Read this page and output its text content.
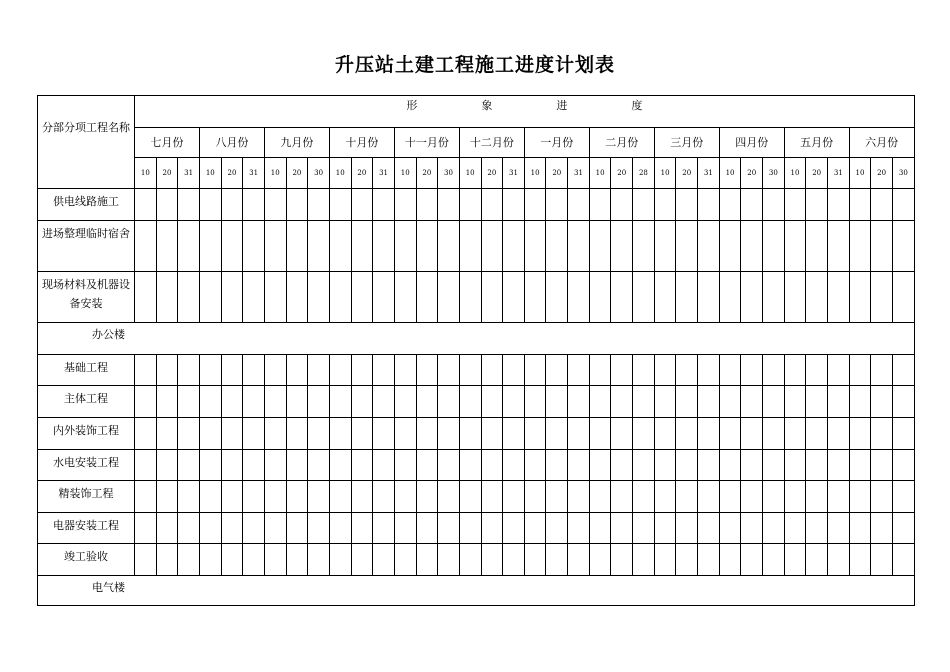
升压站土建工程施工进度计划表
分部分项工程名称	形 象 进 度																																			
	七月份			八月份			九月份			十月份			十一月份			十二月份			一月份			二月份			三月份			四月份			五月份			六月份		
	10	20	31	10	20	31	10	20	30	10	20	31	10	20	30	10	20	31	10	20	31	10	20	28	10	20	31	10	20	30	10	20	31	10	20	30
供电线路施工																																				
进场整理临时宿舍																																				
现场材料及机器设备安装																																				
办公楼																																				
基础工程																																				
主体工程																																				
内外装饰工程																																				
水电安装工程																																				
精装饰工程																																				
电器安装工程																																				
竣工验收																																				
电气楼																																				
